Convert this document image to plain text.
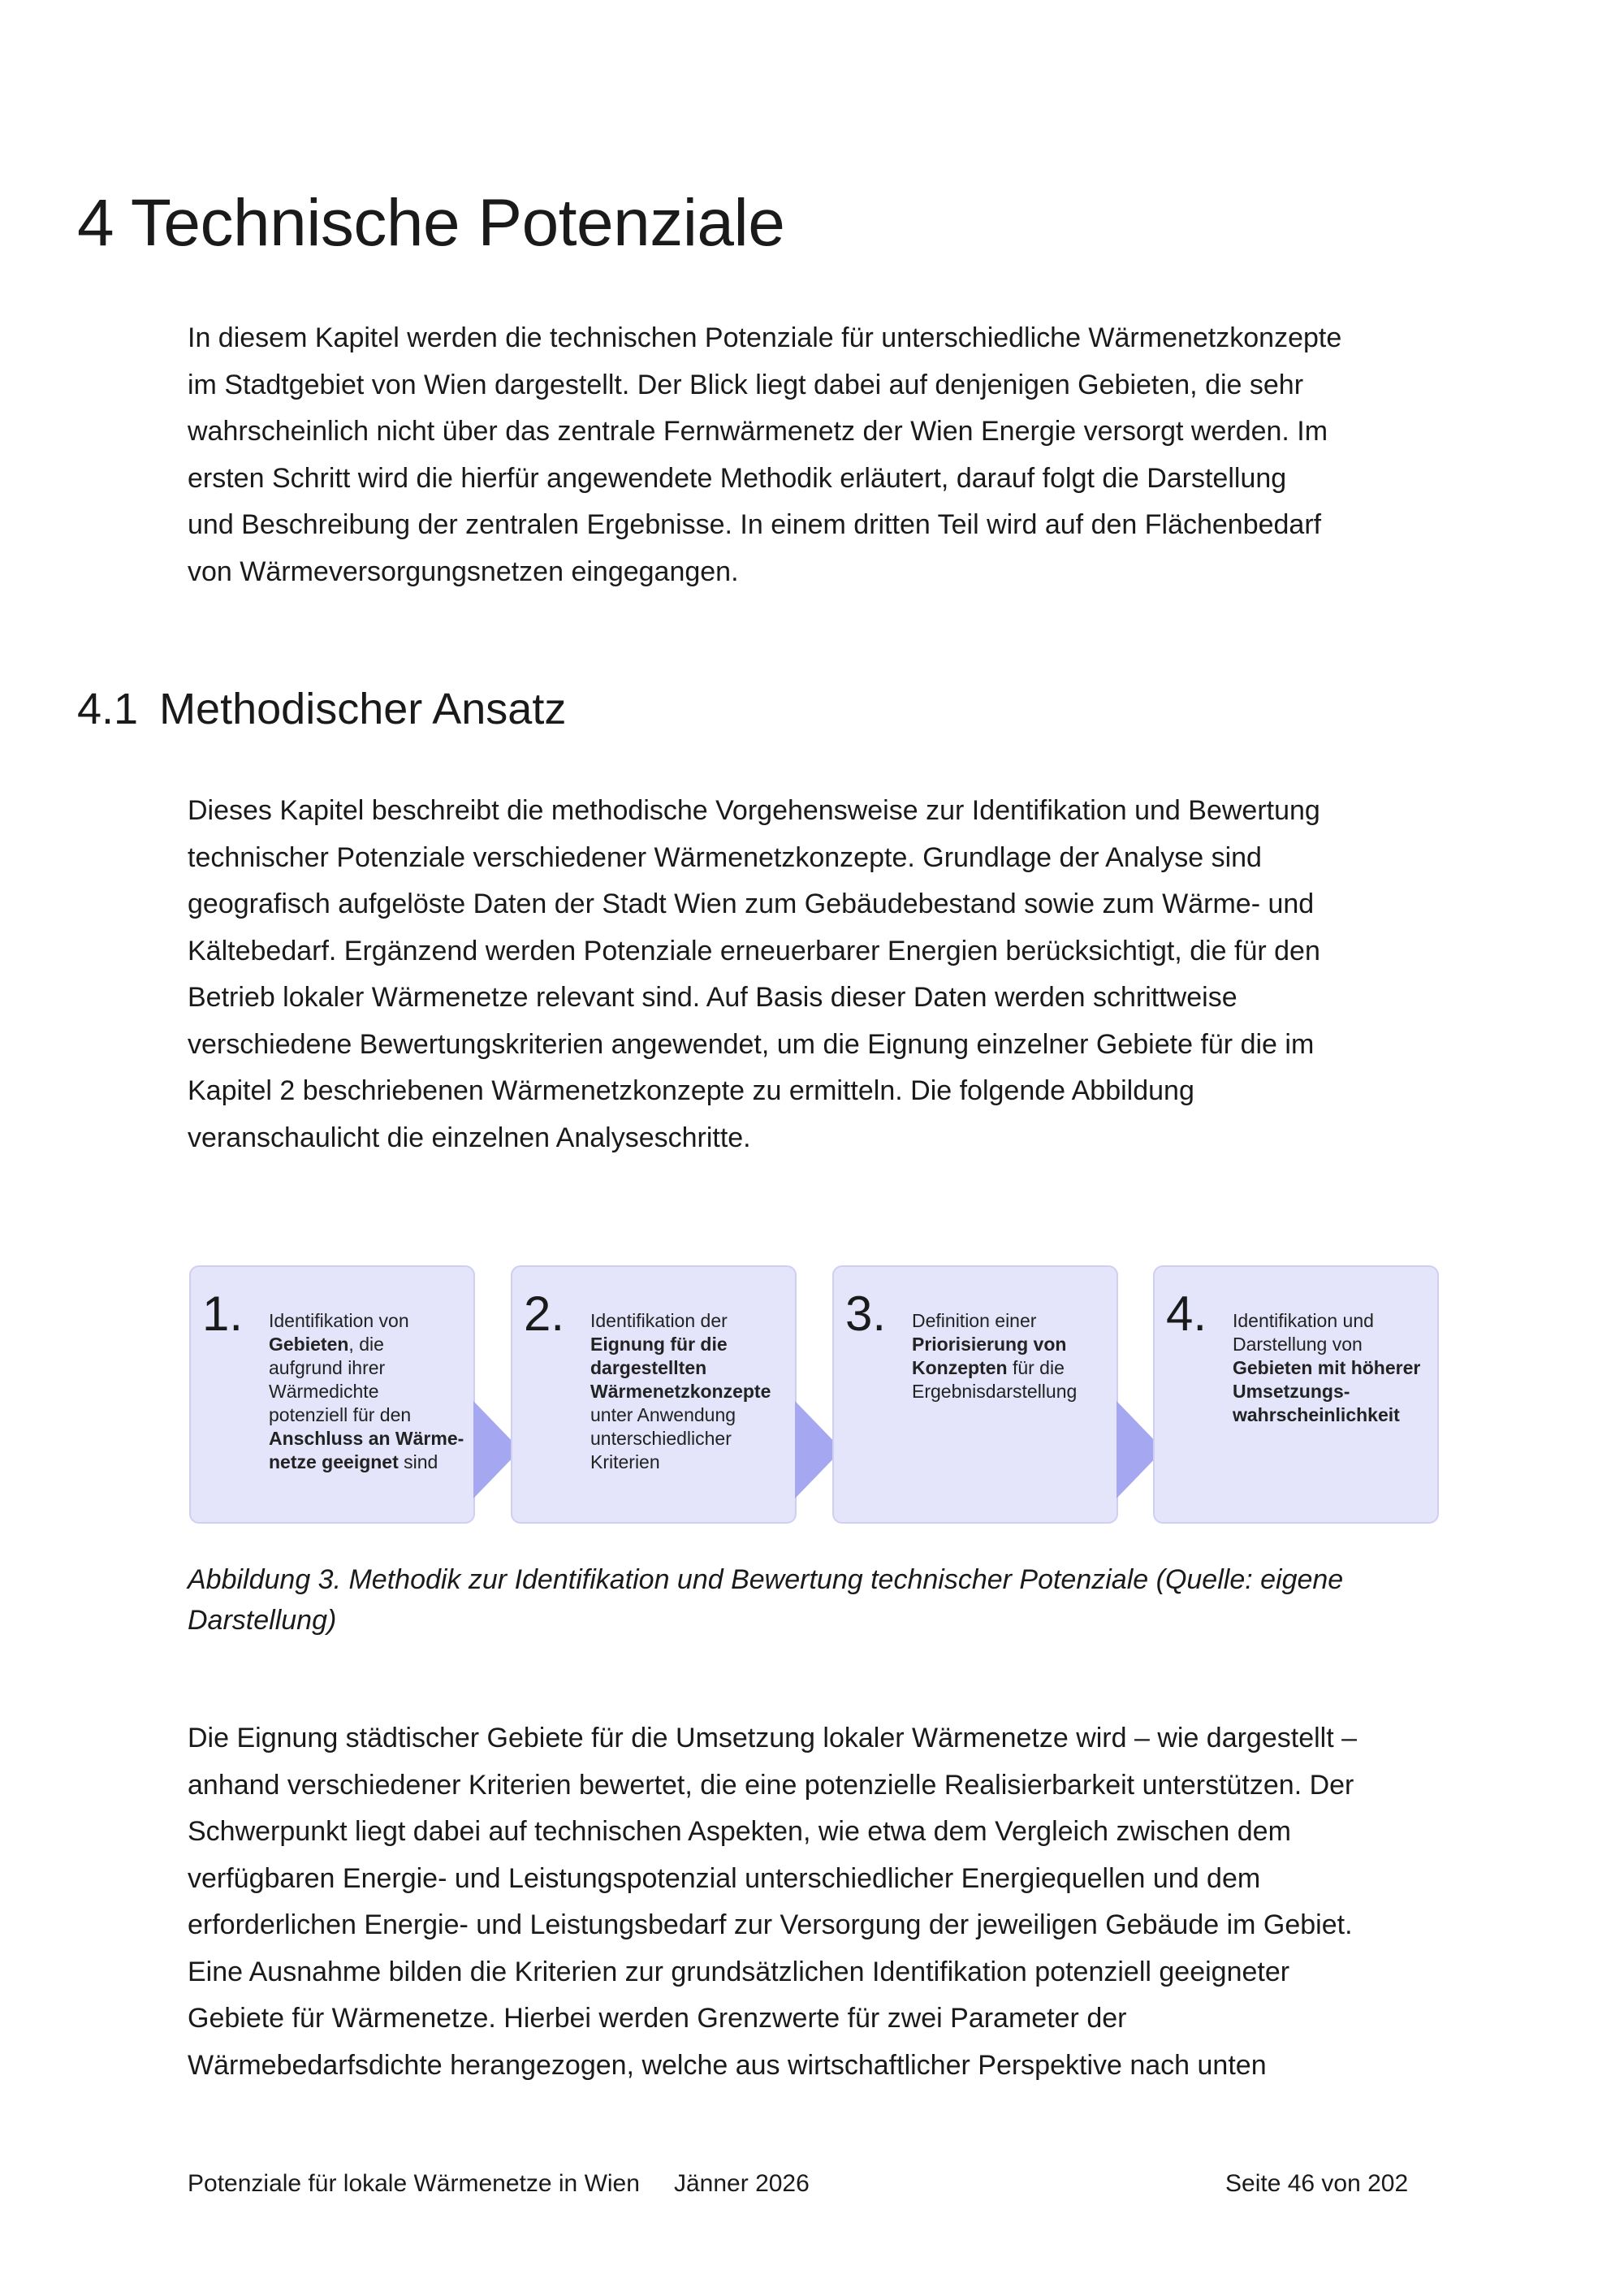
4 Technische Potenziale
In diesem Kapitel werden die technischen Potenziale für unterschiedliche Wärmenetzkonzepte
im Stadtgebiet von Wien dargestellt. Der Blick liegt dabei auf denjenigen Gebieten, die sehr
wahrscheinlich nicht über das zentrale Fernwärmenetz der Wien Energie versorgt werden. Im
ersten Schritt wird die hierfür angewendete Methodik erläutert, darauf folgt die Darstellung
und Beschreibung der zentralen Ergebnisse. In einem dritten Teil wird auf den Flächenbedarf
von Wärmeversorgungsnetzen eingegangen.
4.1 Methodischer Ansatz
Dieses Kapitel beschreibt die methodische Vorgehensweise zur Identifikation und Bewertung
technischer Potenziale verschiedener Wärmenetzkonzepte. Grundlage der Analyse sind
geografisch aufgelöste Daten der Stadt Wien zum Gebäudebestand sowie zum Wärme- und
Kältebedarf. Ergänzend werden Potenziale erneuerbarer Energien berücksichtigt, die für den
Betrieb lokaler Wärmenetze relevant sind. Auf Basis dieser Daten werden schrittweise
verschiedene Bewertungskriterien angewendet, um die Eignung einzelner Gebiete für die im
Kapitel 2 beschriebenen Wärmenetzkonzepte zu ermitteln. Die folgende Abbildung
veranschaulicht die einzelnen Analyseschritte.
1. Identifikation von
Gebieten, die
aufgrund ihrer
Wärmedichte
potenziell für den
Anschluss an Wärme-
netze geeignet sind
2. Identifikation der
Eignung für die
dargestellten
Wärmenetzkonzepte
unter Anwendung
unterschiedlicher
Kriterien
3. Definition einer
Priorisierung von
Konzepten für die
Ergebnisdarstellung
4. Identifikation und
Darstellung von
Gebieten mit höherer
Umsetzungs-
wahrscheinlichkeit
Abbildung 3. Methodik zur Identifikation und Bewertung technischer Potenziale (Quelle: eigene
Darstellung)
Die Eignung städtischer Gebiete für die Umsetzung lokaler Wärmenetze wird – wie dargestellt –
anhand verschiedener Kriterien bewertet, die eine potenzielle Realisierbarkeit unterstützen. Der
Schwerpunkt liegt dabei auf technischen Aspekten, wie etwa dem Vergleich zwischen dem
verfügbaren Energie- und Leistungspotenzial unterschiedlicher Energiequellen und dem
erforderlichen Energie- und Leistungsbedarf zur Versorgung der jeweiligen Gebäude im Gebiet.
Eine Ausnahme bilden die Kriterien zur grundsätzlichen Identifikation potenziell geeigneter
Gebiete für Wärmenetze. Hierbei werden Grenzwerte für zwei Parameter der
Wärmebedarfsdichte herangezogen, welche aus wirtschaftlicher Perspektive nach unten
Potenziale für lokale Wärmenetze in Wien Jänner 2026	Seite 46 von 202
